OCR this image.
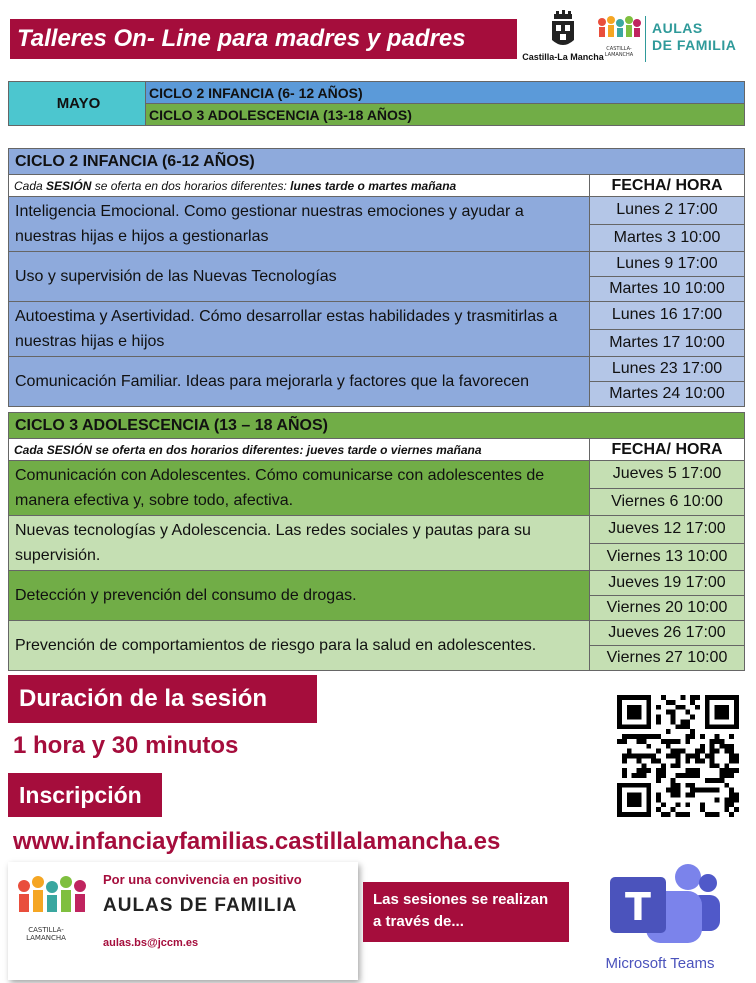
Talleres On- Line para madres y padres
Castilla-La Mancha
CASTILLA-LAMANCHA
AULAS
DE FAMILIA
MAYO	CICLO 2 INFANCIA (6- 12 AÑOS)
CICLO 3 ADOLESCENCIA (13-18 AÑOS)
CICLO 2 INFANCIA (6-12 AÑOS)	
Cada SESIÓN se oferta en dos horarios diferentes: lunes tarde o martes mañana	FECHA/ HORA
Inteligencia Emocional. Como gestionar nuestras emociones y ayudar a nuestras hijas e hijos a gestionarlas	Lunes 2 17:00
	Martes 3 10:00
Uso y supervisión de las Nuevas Tecnologías	Lunes 9 17:00
	Martes 10 10:00
Autoestima y Asertividad. Cómo desarrollar estas habilidades y trasmitirlas a nuestras hijas e hijos	Lunes 16 17:00
	Martes 17 10:00
Comunicación Familiar. Ideas para mejorarla y factores que la favorecen	Lunes 23 17:00
	Martes 24 10:00
CICLO 3 ADOLESCENCIA (13 – 18 AÑOS)	
Cada SESIÓN se oferta en dos horarios diferentes: jueves tarde o viernes mañana	FECHA/ HORA
Comunicación con Adolescentes. Cómo comunicarse con adolescentes de manera efectiva y, sobre todo, afectiva.	Jueves 5 17:00
	Viernes 6 10:00
Nuevas tecnologías y Adolescencia. Las redes sociales y pautas para su supervisión.	Jueves 12 17:00
	Viernes 13 10:00
Detección y prevención del consumo de drogas.	Jueves 19 17:00
	Viernes 20 10:00
Prevención de comportamientos de riesgo para la salud en adolescentes.	Jueves 26 17:00
	Viernes 27 10:00
Duración de la sesión
1 hora y 30 minutos
Inscripción
www.infanciayfamilias.castillalamancha.es
CASTILLA-LAMANCHA
Por una convivencia en positivo
AULAS DE FAMILIA
aulas.bs@jccm.es
Las sesiones se realizan a través de...	T
Microsoft Teams
